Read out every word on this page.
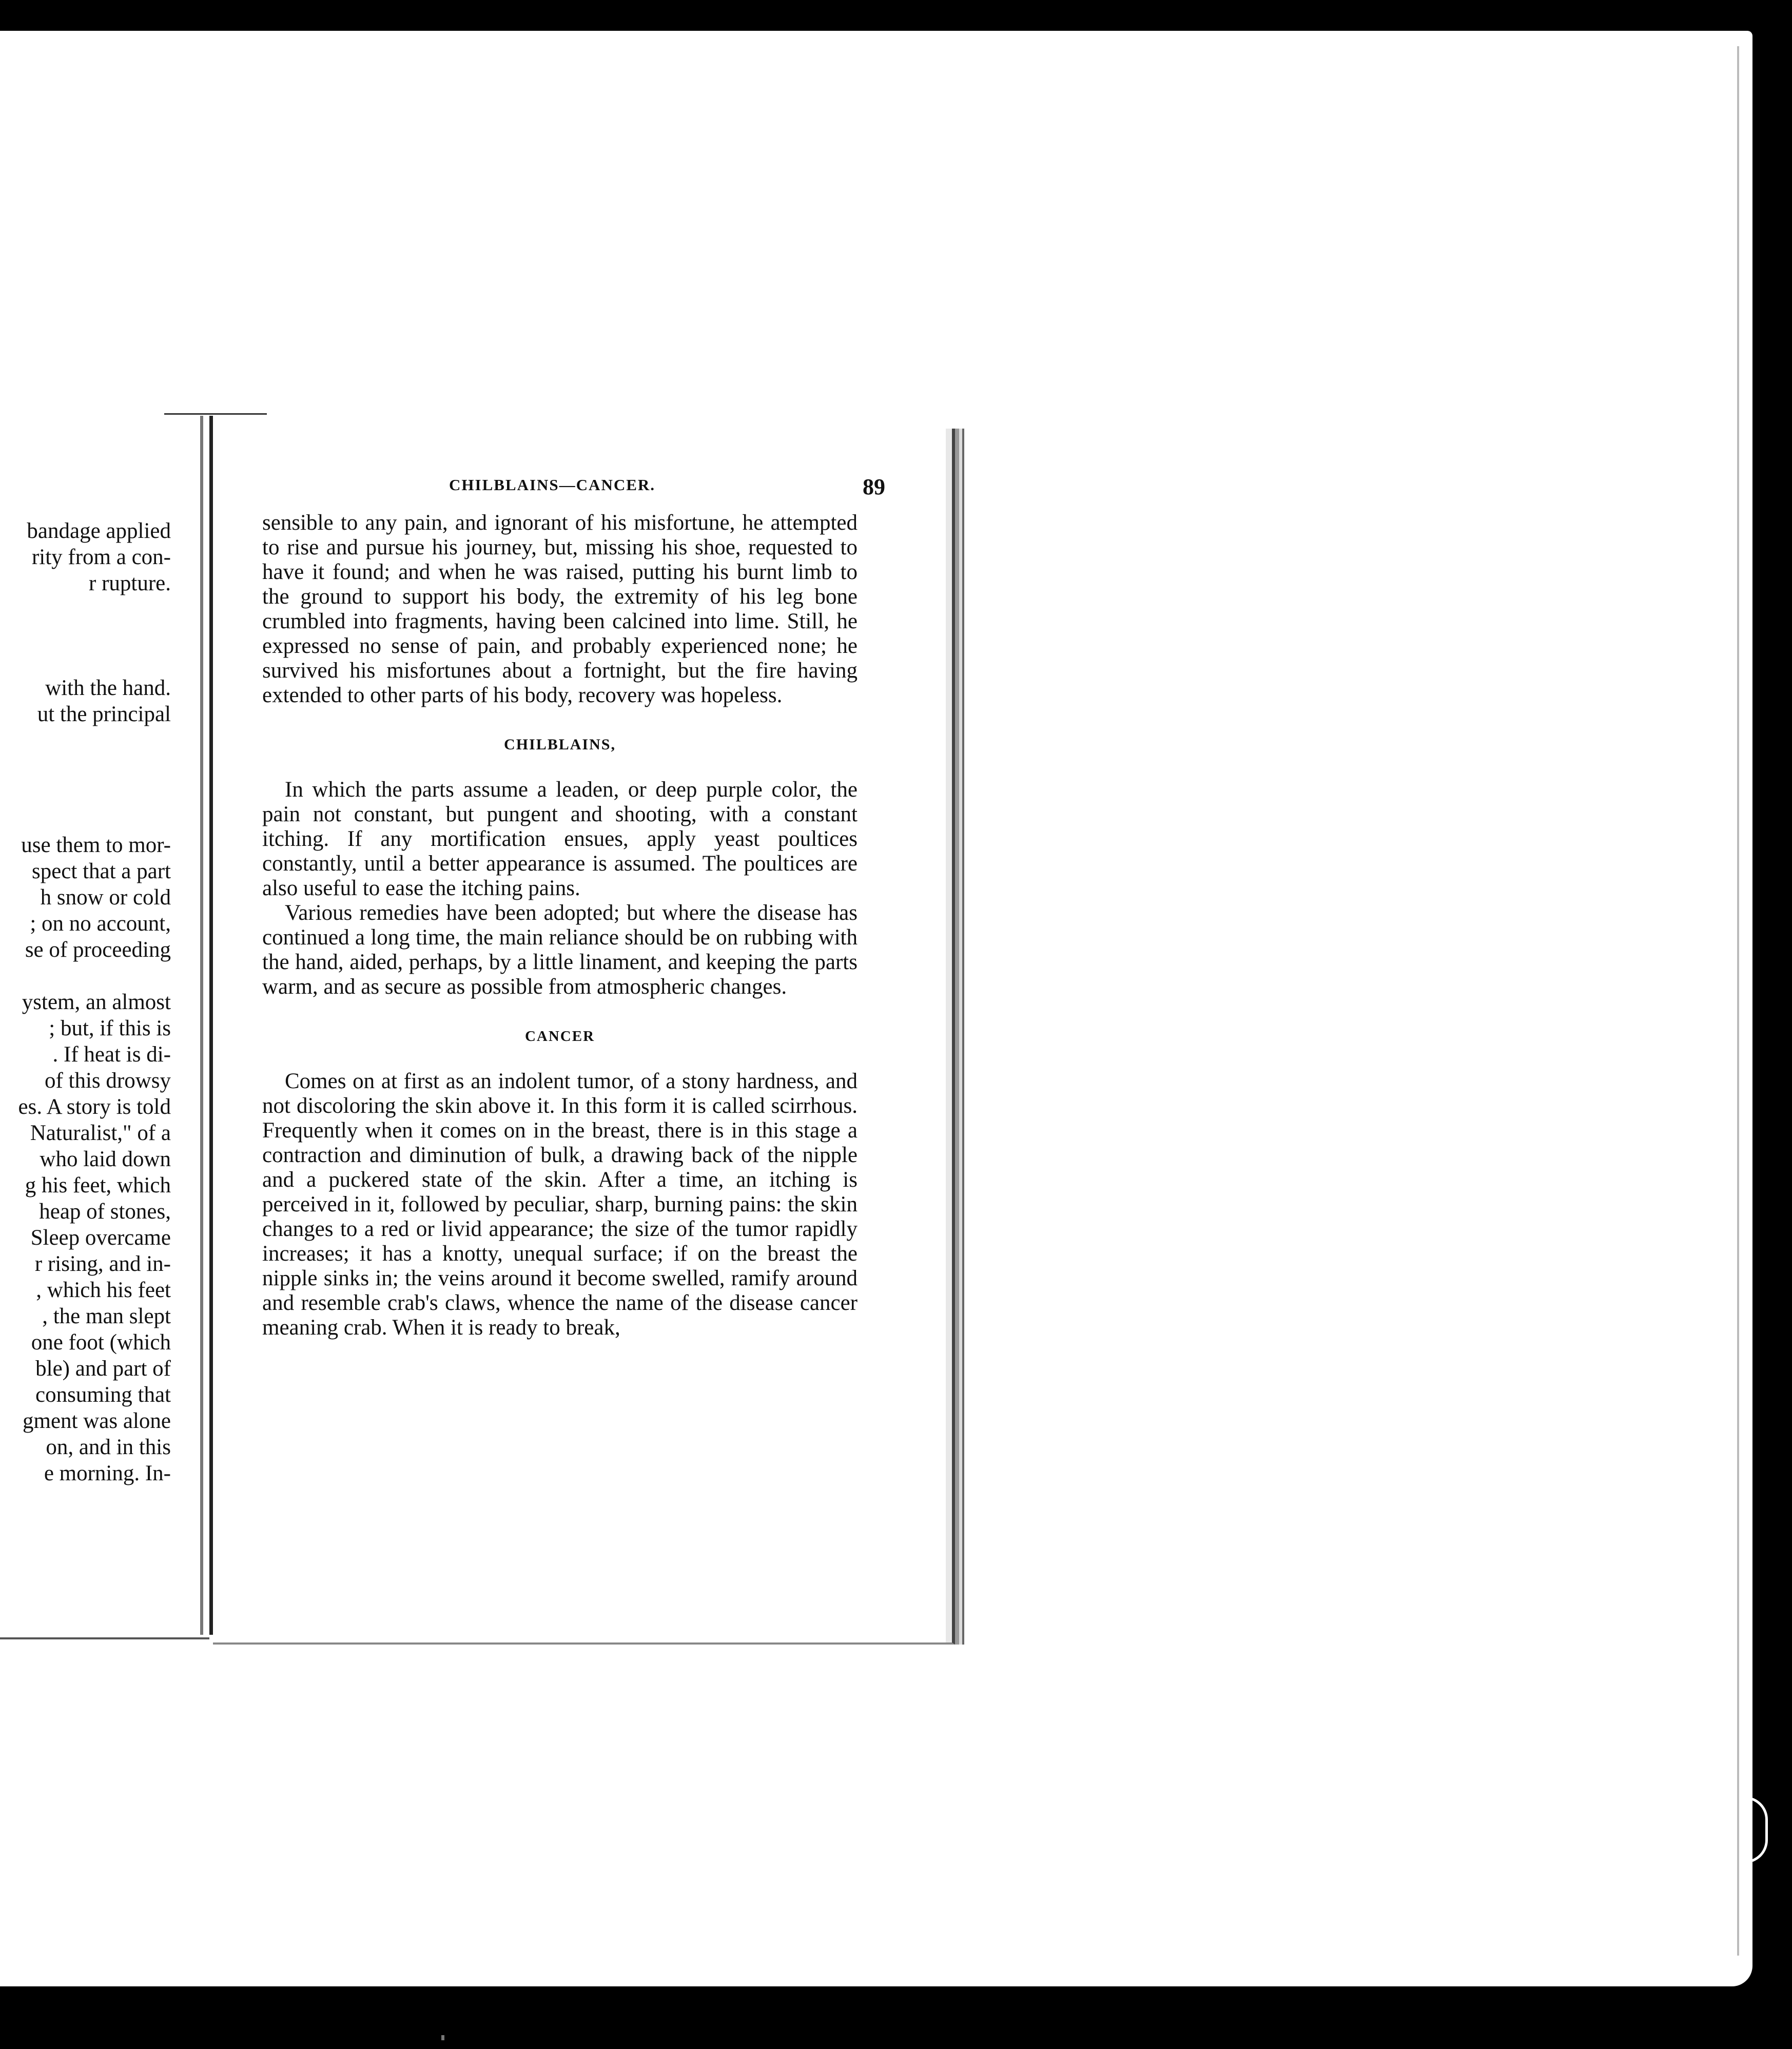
bandage applied
rity from a con-
r rupture.
with the hand.
ut the principal
use them to mor-
spect that a part
h snow or cold
; on no account,
se of proceeding
ystem, an almost
; but, if this is
. If heat is di-
of this drowsy
es. A story is told
Naturalist," of a
who laid down
g his feet, which
heap of stones,
Sleep overcame
r rising, and in-
, which his feet
, the man slept
one foot (which
ble) and part of
consuming that
gment was alone
on, and in this
e morning. In-
CHILBLAINS—CANCER.	89

sensible to any pain, and ignorant of his misfortune, he attempted to rise and pursue his journey, but, missing his shoe, requested to have it found; and when he was raised, putting his burnt limb to the ground to support his body, the extremity of his leg bone crumbled into fragments, having been calcined into lime. Still, he expressed no sense of pain, and probably experienced none; he survived his misfortunes about a fortnight, but the fire having extended to other parts of his body, recovery was hopeless.

CHILBLAINS,

In which the parts assume a leaden, or deep purple color, the pain not constant, but pungent and shooting, with a constant itching. If any mortification ensues, apply yeast poultices constantly, until a better appearance is assumed. The poultices are also useful to ease the itching pains.

Various remedies have been adopted; but where the disease has continued a long time, the main reliance should be on rubbing with the hand, aided, perhaps, by a little linament, and keeping the parts warm, and as secure as possible from atmospheric changes.

CANCER

Comes on at first as an indolent tumor, of a stony hardness, and not discoloring the skin above it. In this form it is called scirrhous. Frequently when it comes on in the breast, there is in this stage a contraction and diminution of bulk, a drawing back of the nipple and a puckered state of the skin. After a time, an itching is perceived in it, followed by peculiar, sharp, burning pains: the skin changes to a red or livid appearance; the size of the tumor rapidly increases; it has a knotty, unequal surface; if on the breast the nipple sinks in; the veins around it become swelled, ramify around and resemble crab's claws, whence the name of the disease cancer meaning crab. When it is ready to break,
